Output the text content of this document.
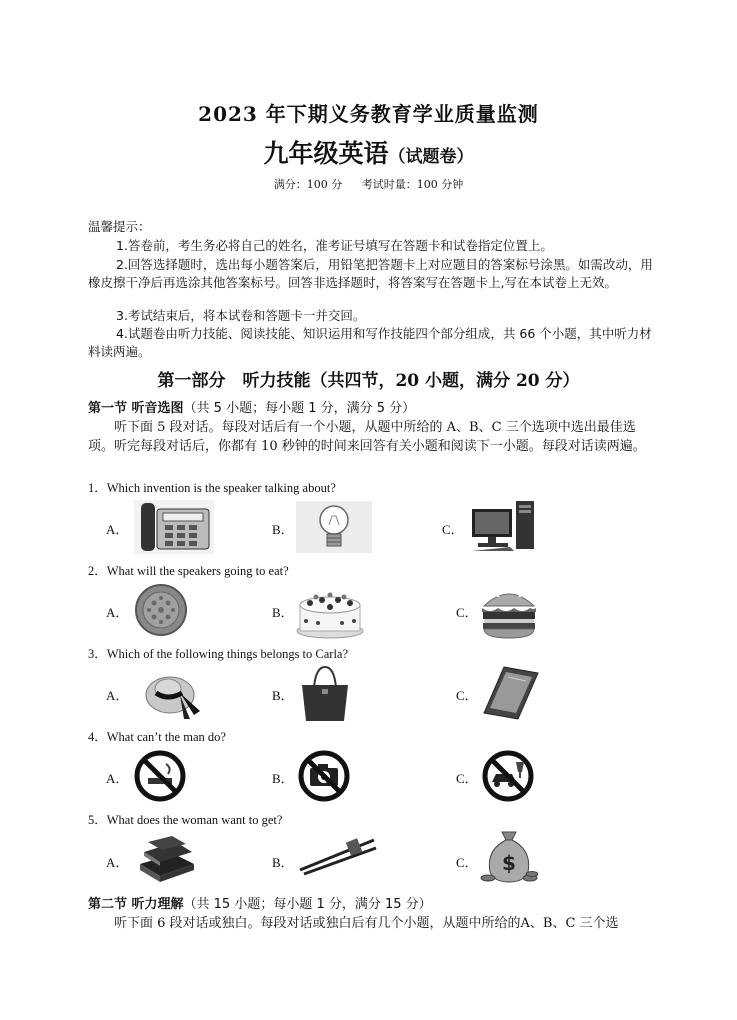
2023 年下期义务教育学业质量监测
九年级英语（试题卷）
满分：100 分 考试时量：100 分钟
温馨提示：
1.答卷前，考生务必将自己的姓名，准考证号填写在答题卡和试卷指定位置上。
2.回答选择题时，选出每小题答案后，用铅笔把答题卡上对应题目的答案标号涂黑。如需改动，用橡皮擦干净后再选涂其他答案标号。回答非选择题时，将答案写在答题卡上,写在本试卷上无效。
3.考试结束后，将本试卷和答题卡一并交回。
4.试题卷由听力技能、阅读技能、知识运用和写作技能四个部分组成，共 66 个小题，其中听力材料读两遍。
第一部分　听力技能（共四节，20 小题，满分 20 分）
第一节 听音选图（共 5 小题；每小题 1 分，满分 5 分）
听下面 5 段对话。每段对话后有一个小题，从题中所给的 A、B、C 三个选项中选出最佳选项。听完每段对话后，你都有 10 秒钟的时间来回答有关小题和阅读下一小题。每段对话读两遍。
1．Which invention is the speaker talking about?
A．	B．	C．
2．What will the speakers going to eat?
A．	B．	C．
3．Which of the following things belongs to Carla?
A．	B．	C．
4．What can’t the man do?
A．	B．	C．
5．What does the woman want to get?
A．	B．	C． $
第二节 听力理解（共 15 小题；每小题 1 分，满分 15 分）
听下面 6 段对话或独白。每段对话或独白后有几个小题，从题中所给的A、B、C 三个选
